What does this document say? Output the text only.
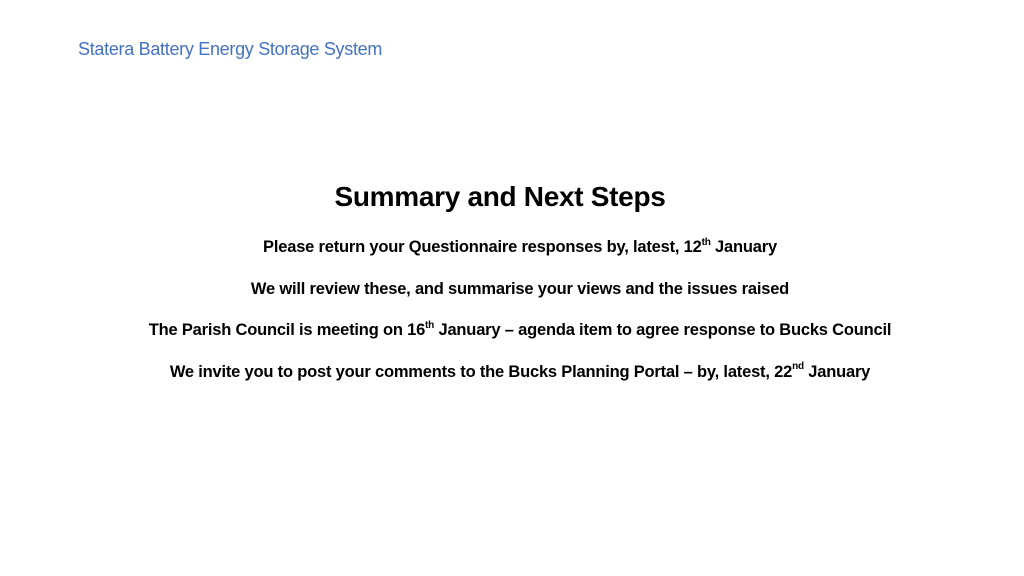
Statera Battery Energy Storage System
Summary and Next Steps
Please return your Questionnaire responses by, latest, 12th January
We will review these, and summarise your views and the issues raised
The Parish Council is meeting on 16th January – agenda item to agree response to Bucks Council
We invite you to post your comments to the Bucks Planning Portal – by, latest, 22nd January
